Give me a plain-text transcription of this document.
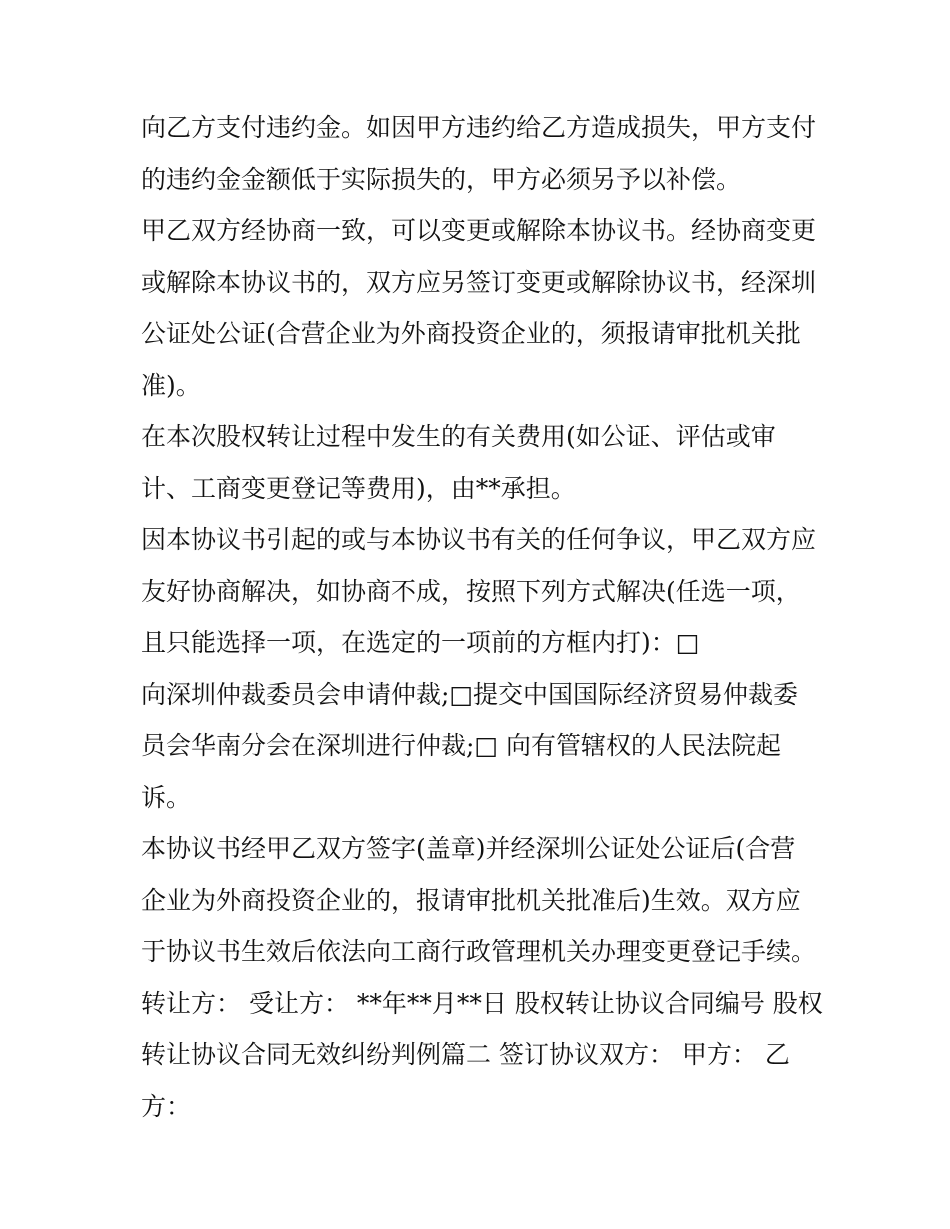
向乙方支付违约金。如因甲方违约给乙方造成损失，甲方支付
的违约金金额低于实际损失的，甲方必须另予以补偿。

甲乙双方经协商一致，可以变更或解除本协议书。经协商变更
或解除本协议书的，双方应另签订变更或解除协议书，经深圳
公证处公证(合营企业为外商投资企业的，须报请审批机关批
准)。

在本次股权转让过程中发生的有关费用(如公证、评估或审
计、工商变更登记等费用)，由**承担。

因本协议书引起的或与本协议书有关的任何争议，甲乙双方应
友好协商解决，如协商不成，按照下列方式解决(任选一项，
且只能选择一项，在选定的一项前的方框内打)：□
向深圳仲裁委员会申请仲裁;□提交中国国际经济贸易仲裁委
员会华南分会在深圳进行仲裁;□ 向有管辖权的人民法院起
诉。

本协议书经甲乙双方签字(盖章)并经深圳公证处公证后(合营
企业为外商投资企业的，报请审批机关批准后)生效。双方应
于协议书生效后依法向工商行政管理机关办理变更登记手续。
转让方： 受让方： **年**月**日 股权转让协议合同编号 股权
转让协议合同无效纠纷判例篇二 签订协议双方： 甲方： 乙
方：
